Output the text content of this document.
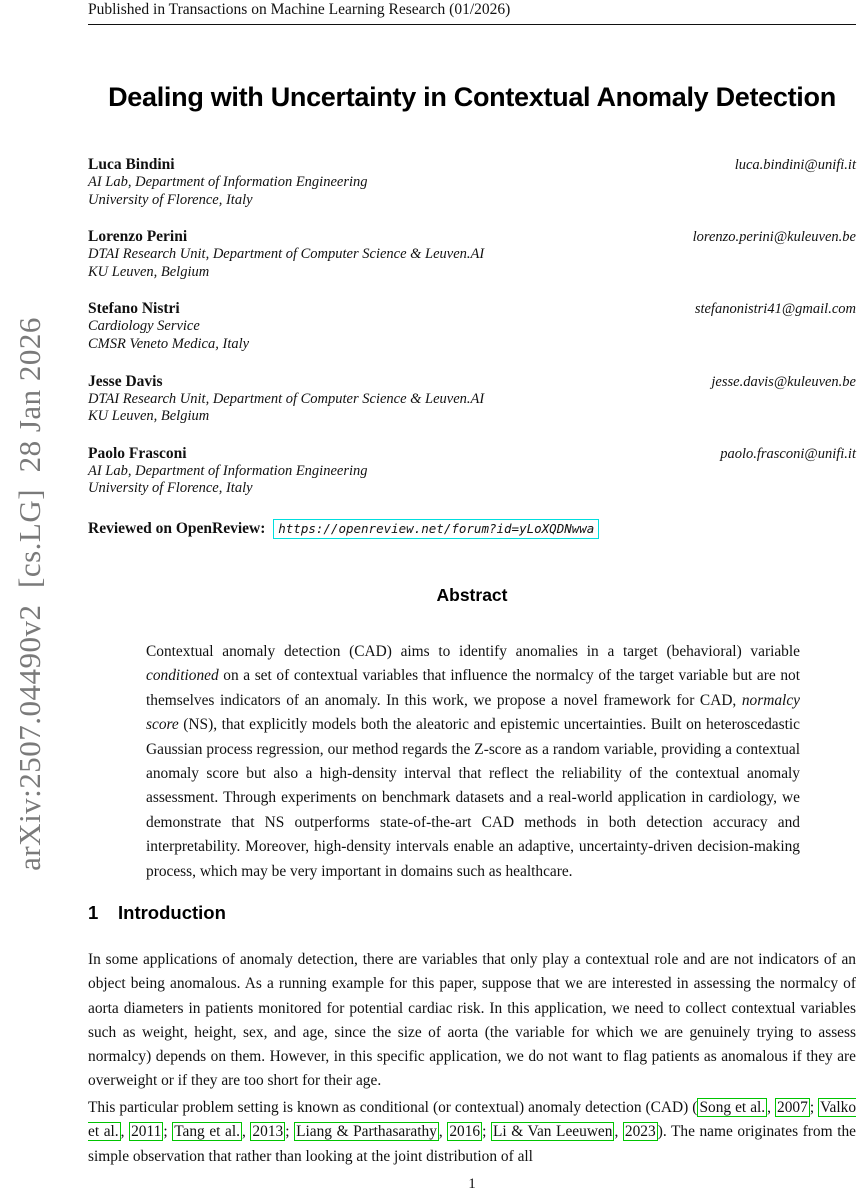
arXiv:2507.04490v2  [cs.LG]  28 Jan 2026
Published in Transactions on Machine Learning Research (01/2026)
Dealing with Uncertainty in Contextual Anomaly Detection
Luca Bindini	luca.bindini@unifi.it
AI Lab, Department of Information Engineering
University of Florence, Italy
Lorenzo Perini	lorenzo.perini@kuleuven.be
DTAI Research Unit, Department of Computer Science & Leuven.AI
KU Leuven, Belgium
Stefano Nistri	stefanonistri41@gmail.com
Cardiology Service
CMSR Veneto Medica, Italy
Jesse Davis	jesse.davis@kuleuven.be
DTAI Research Unit, Department of Computer Science & Leuven.AI
KU Leuven, Belgium
Paolo Frasconi	paolo.frasconi@unifi.it
AI Lab, Department of Information Engineering
University of Florence, Italy
Reviewed on OpenReview: https://openreview.net/forum?id=yLoXQDNwwa
Abstract
Contextual anomaly detection (CAD) aims to identify anomalies in a target (behavioral) variable conditioned on a set of contextual variables that influence the normalcy of the target variable but are not themselves indicators of an anomaly. In this work, we propose a novel framework for CAD, normalcy score (NS), that explicitly models both the aleatoric and epistemic uncertainties. Built on heteroscedastic Gaussian process regression, our method regards the Z-score as a random variable, providing a contextual anomaly score but also a high-density interval that reflect the reliability of the contextual anomaly assessment. Through experiments on benchmark datasets and a real-world application in cardiology, we demonstrate that NS outperforms state-of-the-art CAD methods in both detection accuracy and interpretability. Moreover, high-density intervals enable an adaptive, uncertainty-driven decision-making process, which may be very important in domains such as healthcare.
1 Introduction
In some applications of anomaly detection, there are variables that only play a contextual role and are not indicators of an object being anomalous. As a running example for this paper, suppose that we are interested in assessing the normalcy of aorta diameters in patients monitored for potential cardiac risk. In this application, we need to collect contextual variables such as weight, height, sex, and age, since the size of aorta (the variable for which we are genuinely trying to assess normalcy) depends on them. However, in this specific application, we do not want to flag patients as anomalous if they are overweight or if they are too short for their age.
This particular problem setting is known as conditional (or contextual) anomaly detection (CAD) ( Song et al. , 2007 ; Valko et al. , 2011 ; Tang et al. , 2013 ; Liang & Parthasarathy , 2016 ; Li & Van Leeuwen , 2023 ). The name originates from the simple observation that rather than looking at the joint distribution of all
1
